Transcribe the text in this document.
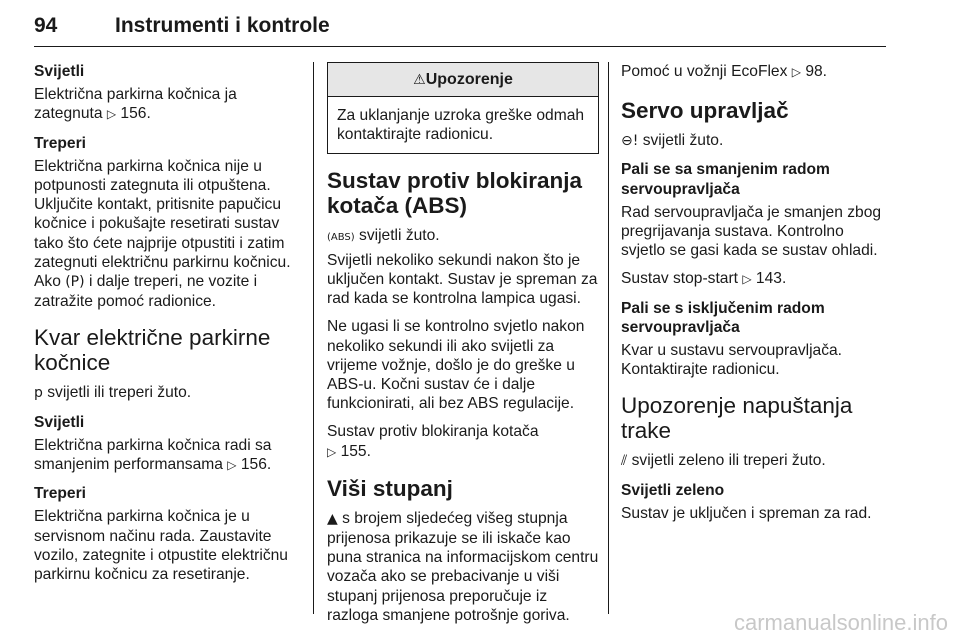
94	Instrumenti i kontrole
Svijetli
Električna parkirna kočnica ja zategnuta ▷ 156.
Treperi
Električna parkirna kočnica nije u potpunosti zategnuta ili otpuštena. Uključite kontakt, pritisnite papučicu kočnice i pokušajte resetirati sustav tako što ćete najprije otpustiti i zatim zategnuti električnu parkirnu kočnicu. Ako (P) i dalje treperi, ne vozite i zatražite pomoć radionice.
Kvar električne parkirne kočnice
p svijetli ili treperi žuto.
Svijetli
Električna parkirna kočnica radi sa smanjenim performansama ▷ 156.
Treperi
Električna parkirna kočnica je u servisnom načinu rada. Zaustavite vozilo, zategnite i otpustite električnu parkirnu kočnicu za resetiranje.
⚠Upozorenje
Za uklanjanje uzroka greške odmah kontaktirajte radionicu.
Sustav protiv blokiranja kotača (ABS)
(ABS) svijetli žuto.
Svijetli nekoliko sekundi nakon što je uključen kontakt. Sustav je spreman za rad kada se kontrolna lampica ugasi.
Ne ugasi li se kontrolno svjetlo nakon nekoliko sekundi ili ako svijetli za vrijeme vožnje, došlo je do greške u ABS-u. Kočni sustav će i dalje funkcionirati, ali bez ABS regulacije.
Sustav protiv blokiranja kotača
▷ 155.
Viši stupanj
▲ s brojem sljedećeg višeg stupnja prijenosa prikazuje se ili iskače kao puna stranica na informacijskom centru vozača ako se prebacivanje u viši stupanj prijenosa preporučuje iz razloga smanjene potrošnje goriva.
Pomoć u vožnji EcoFlex ▷ 98.
Servo upravljač
⊖! svijetli žuto.
Pali se sa smanjenim radom servoupravljača
Rad servoupravljača je smanjen zbog pregrijavanja sustava. Kontrolno svjetlo se gasi kada se sustav ohladi.
Sustav stop-start ▷ 143.
Pali se s isključenim radom servoupravljača
Kvar u sustavu servoupravljača. Kontaktirajte radionicu.
Upozorenje napuštanja trake
⫽ svijetli zeleno ili treperi žuto.
Svijetli zeleno
Sustav je uključen i spreman za rad.
carmanualsonline.info
